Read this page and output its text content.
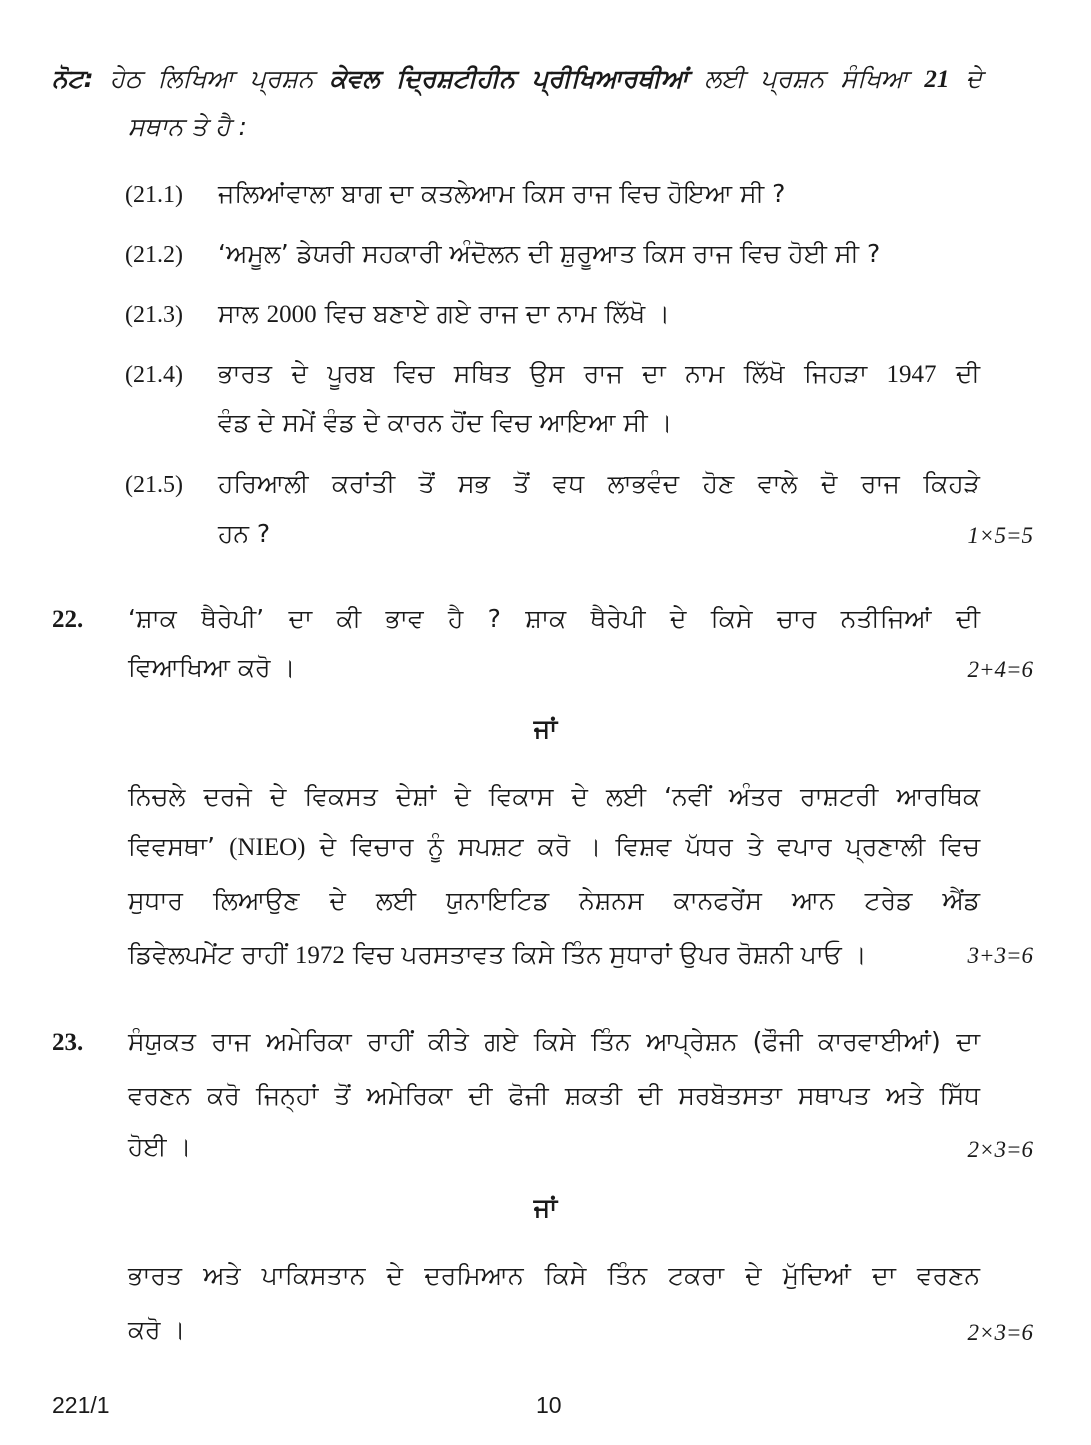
ਨੋਟ: ਹੇਠ ਲਿਖਿਆ ਪ੍ਰਸ਼ਨ ਕੇਵਲ ਦ੍ਰਿਸ਼ਟੀਹੀਨ ਪ੍ਰੀਖਿਆਰਥੀਆਂ ਲਈ ਪ੍ਰਸ਼ਨ ਸੰਖਿਆ 21 ਦੇ
ਸਥਾਨ ਤੇ ਹੈ :
(21.1) ਜਲਿਆਂਵਾਲਾ ਬਾਗ ਦਾ ਕਤਲੇਆਮ ਕਿਸ ਰਾਜ ਵਿਚ ਹੋਇਆ ਸੀ ?
(21.2) ‘ਅਮੂਲ’ ਡੇਯਰੀ ਸਹਕਾਰੀ ਅੰਦੋਲਨ ਦੀ ਸ਼ੁਰੂਆਤ ਕਿਸ ਰਾਜ ਵਿਚ ਹੋਈ ਸੀ ?
(21.3) ਸਾਲ 2000 ਵਿਚ ਬਣਾਏ ਗਏ ਰਾਜ ਦਾ ਨਾਮ ਲਿੱਖੋ ।
(21.4) ਭਾਰਤ ਦੇ ਪੂਰਬ ਵਿਚ ਸਥਿਤ ਉਸ ਰਾਜ ਦਾ ਨਾਮ ਲਿੱਖੋ ਜਿਹੜਾ 1947 ਦੀ
ਵੰਡ ਦੇ ਸਮੇਂ ਵੰਡ ਦੇ ਕਾਰਨ ਹੋਂਦ ਵਿਚ ਆਇਆ ਸੀ ।
(21.5) ਹਰਿਆਲੀ ਕਰਾਂਤੀ ਤੋਂ ਸਭ ਤੋਂ ਵਧ ਲਾਭਵੰਦ ਹੋਣ ਵਾਲੇ ਦੋ ਰਾਜ ਕਿਹੜੇ
ਹਨ ?	1×5=5
22. ‘ਸ਼ਾਕ ਥੈਰੇਪੀ’ ਦਾ ਕੀ ਭਾਵ ਹੈ ? ਸ਼ਾਕ ਥੈਰੇਪੀ ਦੇ ਕਿਸੇ ਚਾਰ ਨਤੀਜਿਆਂ ਦੀ
ਵਿਆਖਿਆ ਕਰੋ ।	2+4=6
ਜਾਂ
ਨਿਚਲੇ ਦਰਜੇ ਦੇ ਵਿਕਸਤ ਦੇਸ਼ਾਂ ਦੇ ਵਿਕਾਸ ਦੇ ਲਈ ‘ਨਵੀਂ ਅੰਤਰ ਰਾਸ਼ਟਰੀ ਆਰਥਿਕ
ਵਿਵਸਥਾ’ (NIEO) ਦੇ ਵਿਚਾਰ ਨੂੰ ਸਪਸ਼ਟ ਕਰੋ । ਵਿਸ਼ਵ ਪੱਧਰ ਤੇ ਵਪਾਰ ਪ੍ਰਣਾਲੀ ਵਿਚ
ਸੁਧਾਰ ਲਿਆਉਣ ਦੇ ਲਈ ਯੁਨਾਇਟਿਡ ਨੇਸ਼ਨਸ ਕਾਨਫਰੇਂਸ ਆਨ ਟਰੇਡ ਐਂਡ
ਡਿਵੇਲਪਮੇਂਟ ਰਾਹੀਂ 1972 ਵਿਚ ਪਰਸਤਾਵਤ ਕਿਸੇ ਤਿੰਨ ਸੁਧਾਰਾਂ ਉਪਰ ਰੋਸ਼ਨੀ ਪਾਓ ।	3+3=6
23. ਸੰਯੁਕਤ ਰਾਜ ਅਮੇਰਿਕਾ ਰਾਹੀਂ ਕੀਤੇ ਗਏ ਕਿਸੇ ਤਿੰਨ ਆਪ੍ਰੇਸ਼ਨ (ਫੌਜੀ ਕਾਰਵਾਈਆਂ) ਦਾ
ਵਰਣਨ ਕਰੋ ਜਿਨ੍ਹਾਂ ਤੋਂ ਅਮੇਰਿਕਾ ਦੀ ਫੋਜੀ ਸ਼ਕਤੀ ਦੀ ਸਰਬੋਤਸਤਾ ਸਥਾਪਤ ਅਤੇ ਸਿੱਧ
ਹੋਈ ।	2×3=6
ਜਾਂ
ਭਾਰਤ ਅਤੇ ਪਾਕਿਸਤਾਨ ਦੇ ਦਰਮਿਆਨ ਕਿਸੇ ਤਿੰਨ ਟਕਰਾ ਦੇ ਮੁੱਦਿਆਂ ਦਾ ਵਰਣਨ
ਕਰੋ ।	2×3=6
221/1	10
